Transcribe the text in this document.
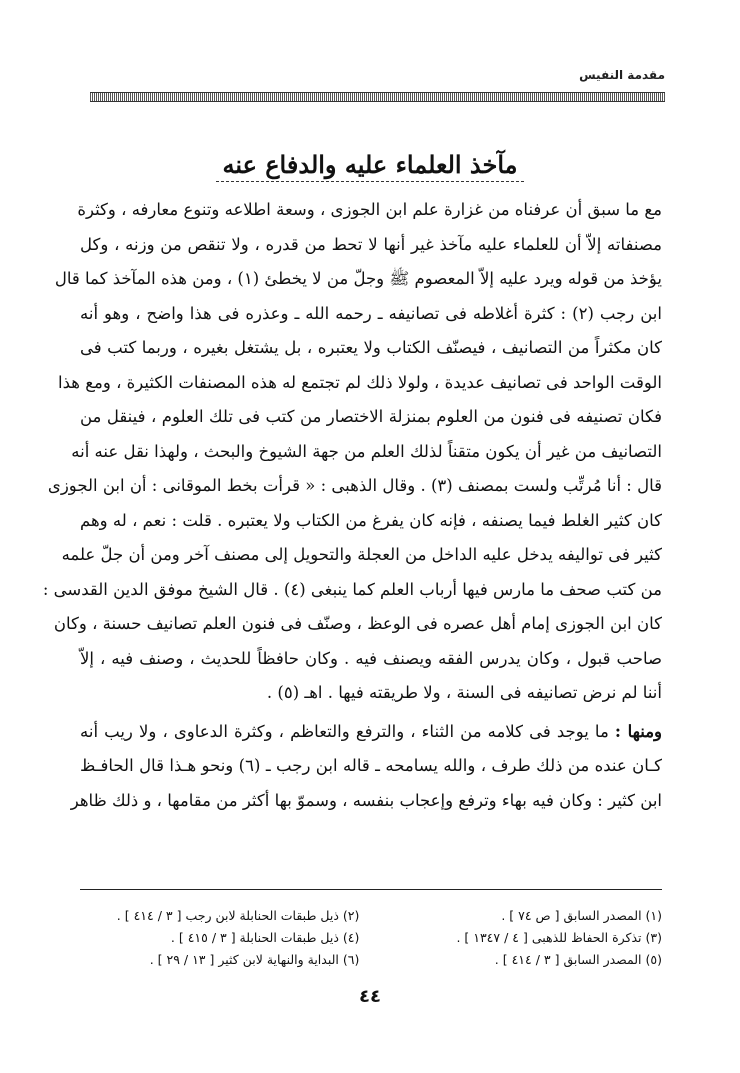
مقدمة النفيس
مآخذ العلماء عليه والدفاع عنه
مع ما سبق أن عرفناه من غزارة علم ابن الجوزى ، وسعة اطلاعه وتنوع معارفه ، وكثرة
مصنفاته إلاّ أن للعلماء عليه مآخذ غير أنها لا تحط من قدره ، ولا تنقص من وزنه ، وكل
يؤخذ من قوله ويرد عليه إلاّ المعصوم ﷺ وجلّ من لا يخطئ (١) ، ومن هذه المآخذ كما قال
ابن رجب (٢) : كثرة أغلاطه فى تصانيفه ـ رحمه الله ـ وعذره فى هذا واضح ، وهو أنه
كان مكثراً من التصانيف ، فيصنّف الكتاب ولا يعتبره ، بل يشتغل بغيره ، وربما كتب فى
الوقت الواحد فى تصانيف عديدة ، ولولا ذلك لم تجتمع له هذه المصنفات الكثيرة ، ومع هذا
فكان تصنيفه فى فنون من العلوم بمنزلة الاختصار من كتب فى تلك العلوم ، فينقل من
التصانيف من غير أن يكون متقناً لذلك العلم من جهة الشيوخ والبحث ، ولهذا نقل عنه أنه
قال : أنا مُرتِّب ولست بمصنف (٣) . وقال الذهبى : « قرأت بخط الموقانى : أن ابن الجوزى
كان كثير الغلط فيما يصنفه ، فإنه كان يفرغ من الكتاب ولا يعتبره . قلت : نعم ، له وهم
كثير فى تواليفه يدخل عليه الداخل من العجلة والتحويل إلى مصنف آخر ومن أن جلّ علمه
من كتب صحف ما مارس فيها أرباب العلم كما ينبغى (٤) . قال الشيخ موفق الدين القدسى :
كان ابن الجوزى إمام أهل عصره فى الوعظ ، وصنّف فى فنون العلم تصانيف حسنة ، وكان
صاحب قبول ، وكان يدرس الفقه ويصنف فيه . وكان حافظاً للحديث ، وصنف فيه ، إلاّ
أننا لم نرض تصانيفه فى السنة ، ولا طريقته فيها . اهـ (٥) .
ومنها : ما يوجد فى كلامه من الثناء ، والترفع والتعاظم ، وكثرة الدعاوى ، ولا ريب أنه
كـان عنده من ذلك طرف ، والله يسامحه ـ قاله ابن رجب ـ (٦) ونحو هـذا قال الحافـظ
ابن كثير : وكان فيه بهاء وترفع وإعجاب بنفسه ، وسموّ بها أكثر من مقامها ، و ذلك ظاهر
(١) المصدر السابق [ ص ٧٤ ] .
(٢) ذيل طبقات الحنابلة لابن رجب [ ٣ / ٤١٤ ] .
(٣) تذكرة الحفاظ للذهبى [ ٤ / ١٣٤٧ ] .
(٤) ذيل طبقات الحنابلة [ ٣ / ٤١٥ ] .
(٥) المصدر السابق [ ٣ / ٤١٤ ] .
(٦) البداية والنهاية لابن كثير [ ١٣ / ٢٩ ] .
٤٤
